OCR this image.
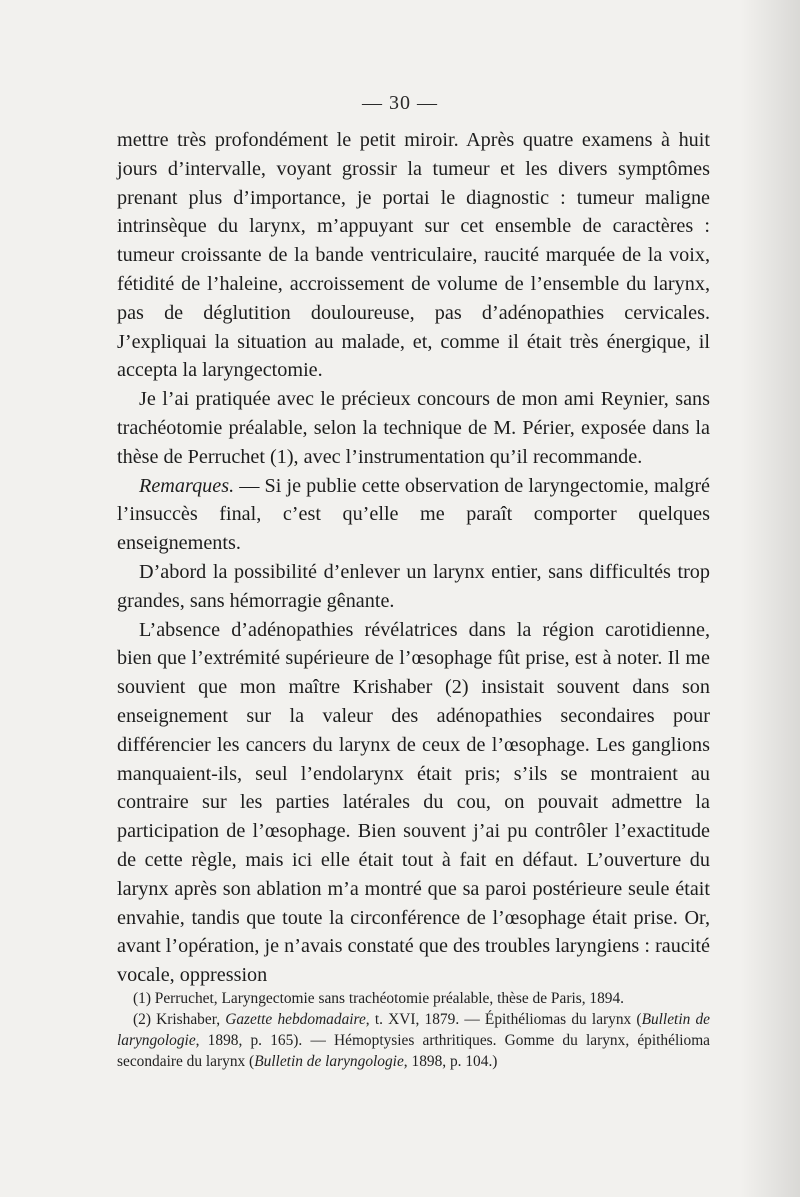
— 30 —

mettre très profondément le petit miroir. Après quatre examens à huit jours d’intervalle, voyant grossir la tumeur et les divers symptômes prenant plus d’importance, je portai le diagnostic : tumeur maligne intrinsèque du larynx, m’appuyant sur cet ensemble de caractères : tumeur croissante de la bande ventriculaire, raucité marquée de la voix, fétidité de l’haleine, accroissement de volume de l’ensemble du larynx, pas de déglutition douloureuse, pas d’adénopathies cervicales. J’expliquai la situation au malade, et, comme il était très énergique, il accepta la laryngectomie.

Je l’ai pratiquée avec le précieux concours de mon ami Reynier, sans trachéotomie préalable, selon la technique de M. Périer, exposée dans la thèse de Perruchet (1), avec l’instrumentation qu’il recommande.

Remarques. — Si je publie cette observation de laryngectomie, malgré l’insuccès final, c’est qu’elle me paraît comporter quelques enseignements.

D’abord la possibilité d’enlever un larynx entier, sans difficultés trop grandes, sans hémorragie gênante.

L’absence d’adénopathies révélatrices dans la région carotidienne, bien que l’extrémité supérieure de l’œsophage fût prise, est à noter. Il me souvient que mon maître Krishaber (2) insistait souvent dans son enseignement sur la valeur des adénopathies secondaires pour différencier les cancers du larynx de ceux de l’œsophage. Les ganglions manquaient-ils, seul l’endolarynx était pris; s’ils se montraient au contraire sur les parties latérales du cou, on pouvait admettre la participation de l’œsophage. Bien souvent j’ai pu contrôler l’exactitude de cette règle, mais ici elle était tout à fait en défaut. L’ouverture du larynx après son ablation m’a montré que sa paroi postérieure seule était envahie, tandis que toute la circonférence de l’œsophage était prise. Or, avant l’opération, je n’avais constaté que des troubles laryngiens : raucité vocale, oppression

(1) Perruchet, Laryngectomie sans trachéotomie préalable, thèse de Paris, 1894.

(2) Krishaber, Gazette hebdomadaire, t. XVI, 1879. — Épithéliomas du larynx (Bulletin de laryngologie, 1898, p. 165). — Hémoptysies arthritiques. Gomme du larynx, épithélioma secondaire du larynx (Bulletin de laryngologie, 1898, p. 104.)
